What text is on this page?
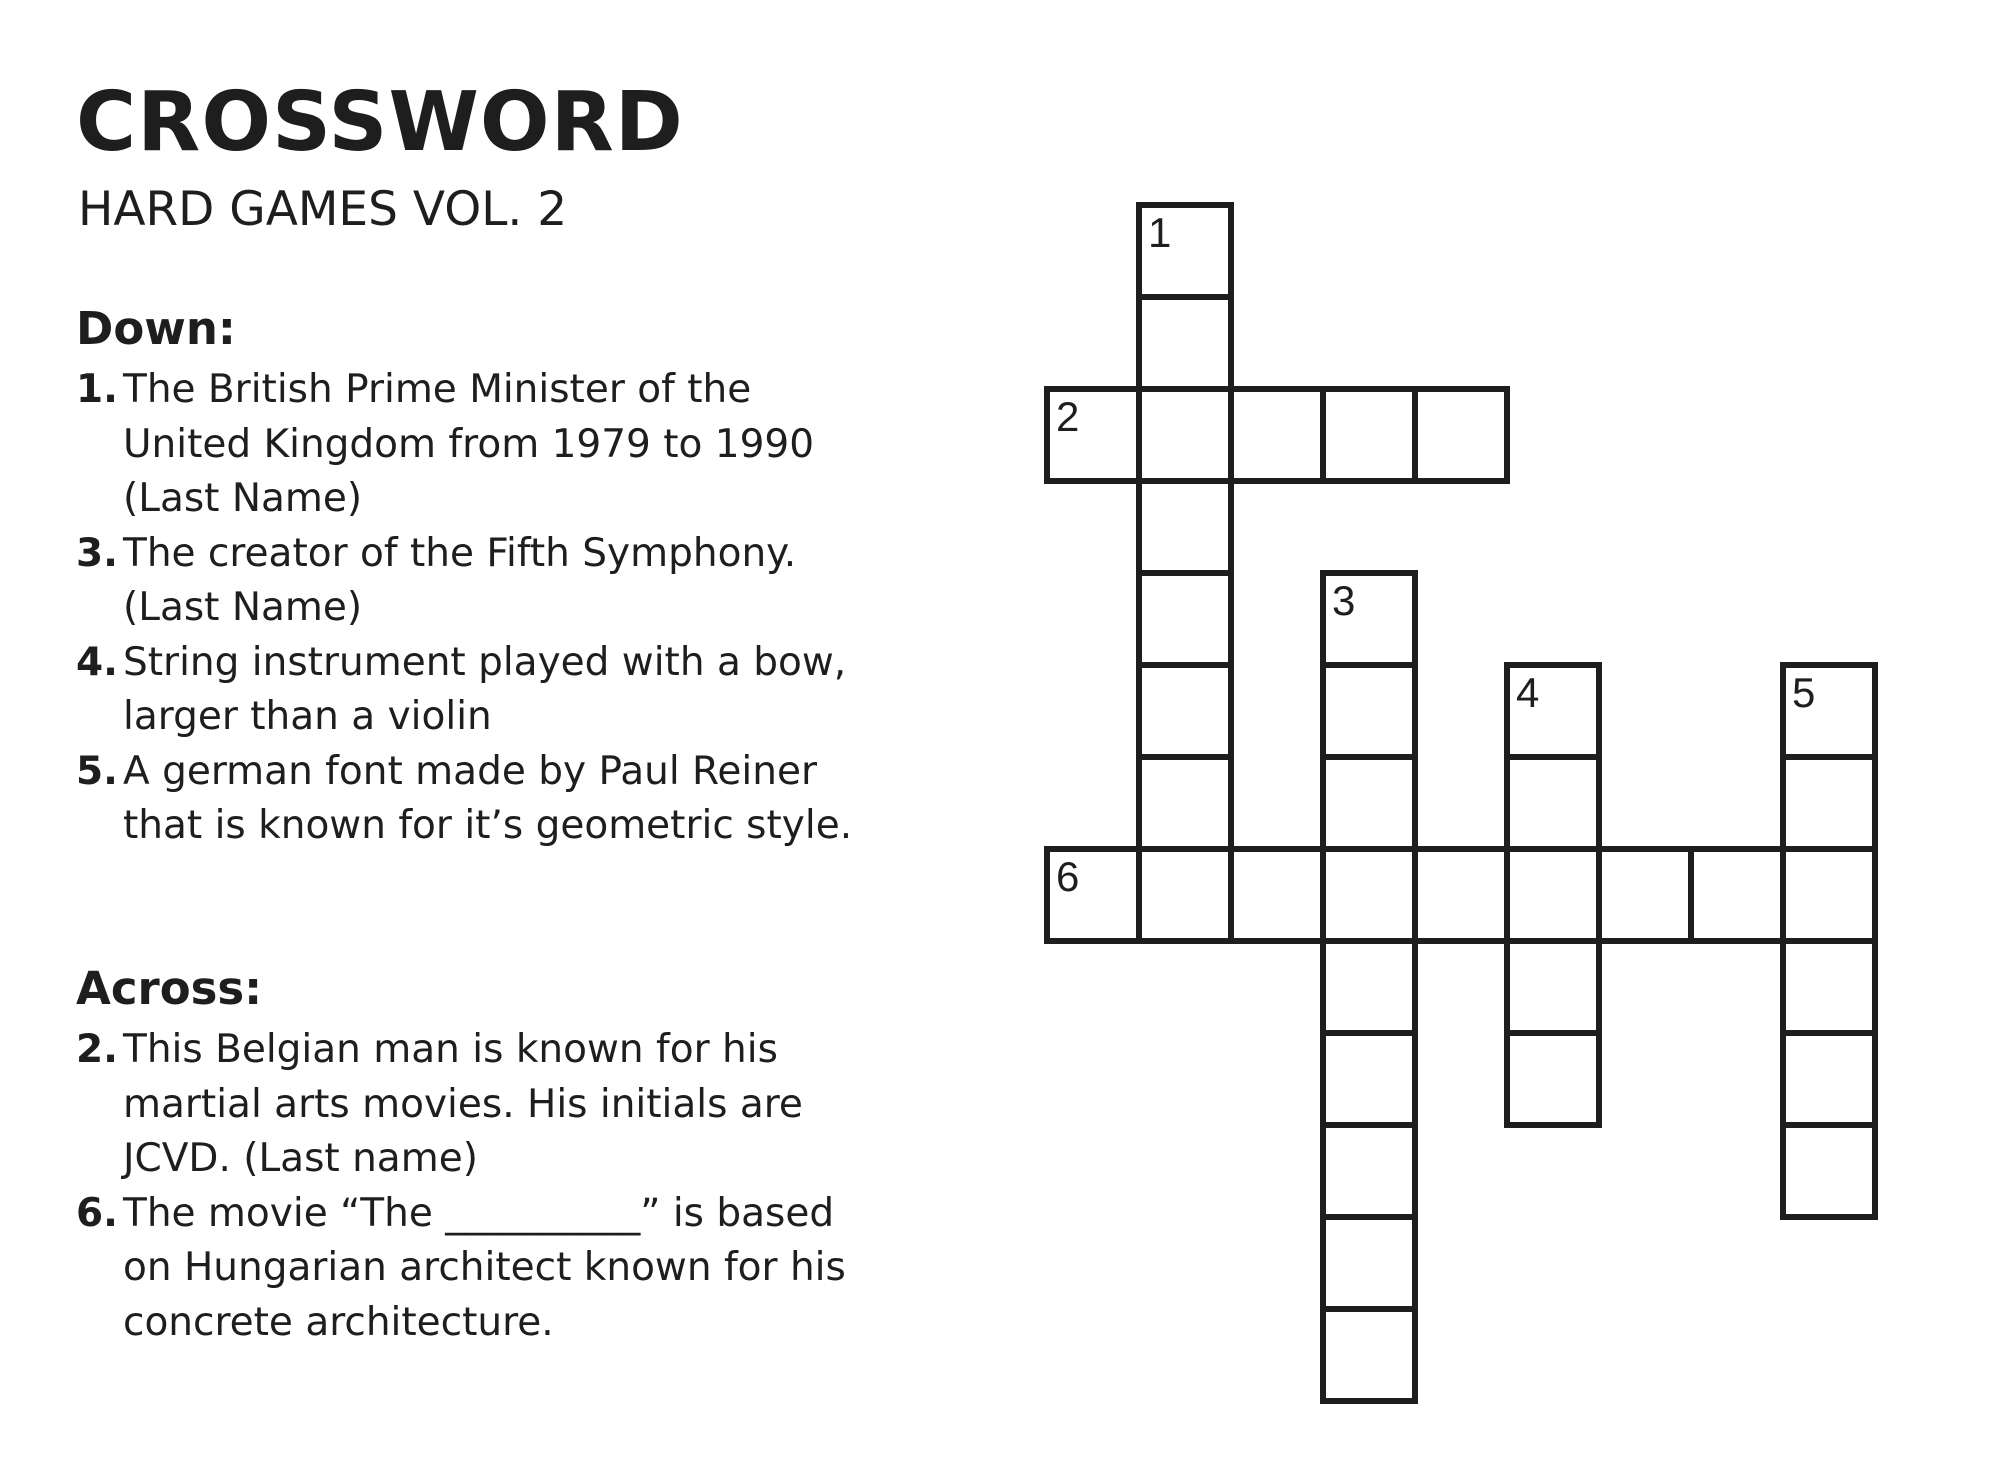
CROSSWORD
HARD GAMES VOL. 2
Down:
1. The British Prime Minister of the United Kingdom from 1979 to 1990 (Last Name)
3. The creator of the Fifth Symphony. (Last Name)
4. String instrument played with a bow, larger than a violin
5. A german font made by Paul Reiner that is known for it’s geometric style.
Across:
2. This Belgian man is known for his martial arts movies. His initials are JCVD. (Last name)
6. The movie “The __________” is based on Hungarian architect known for his concrete architecture.
1
2
3
4	5
6
